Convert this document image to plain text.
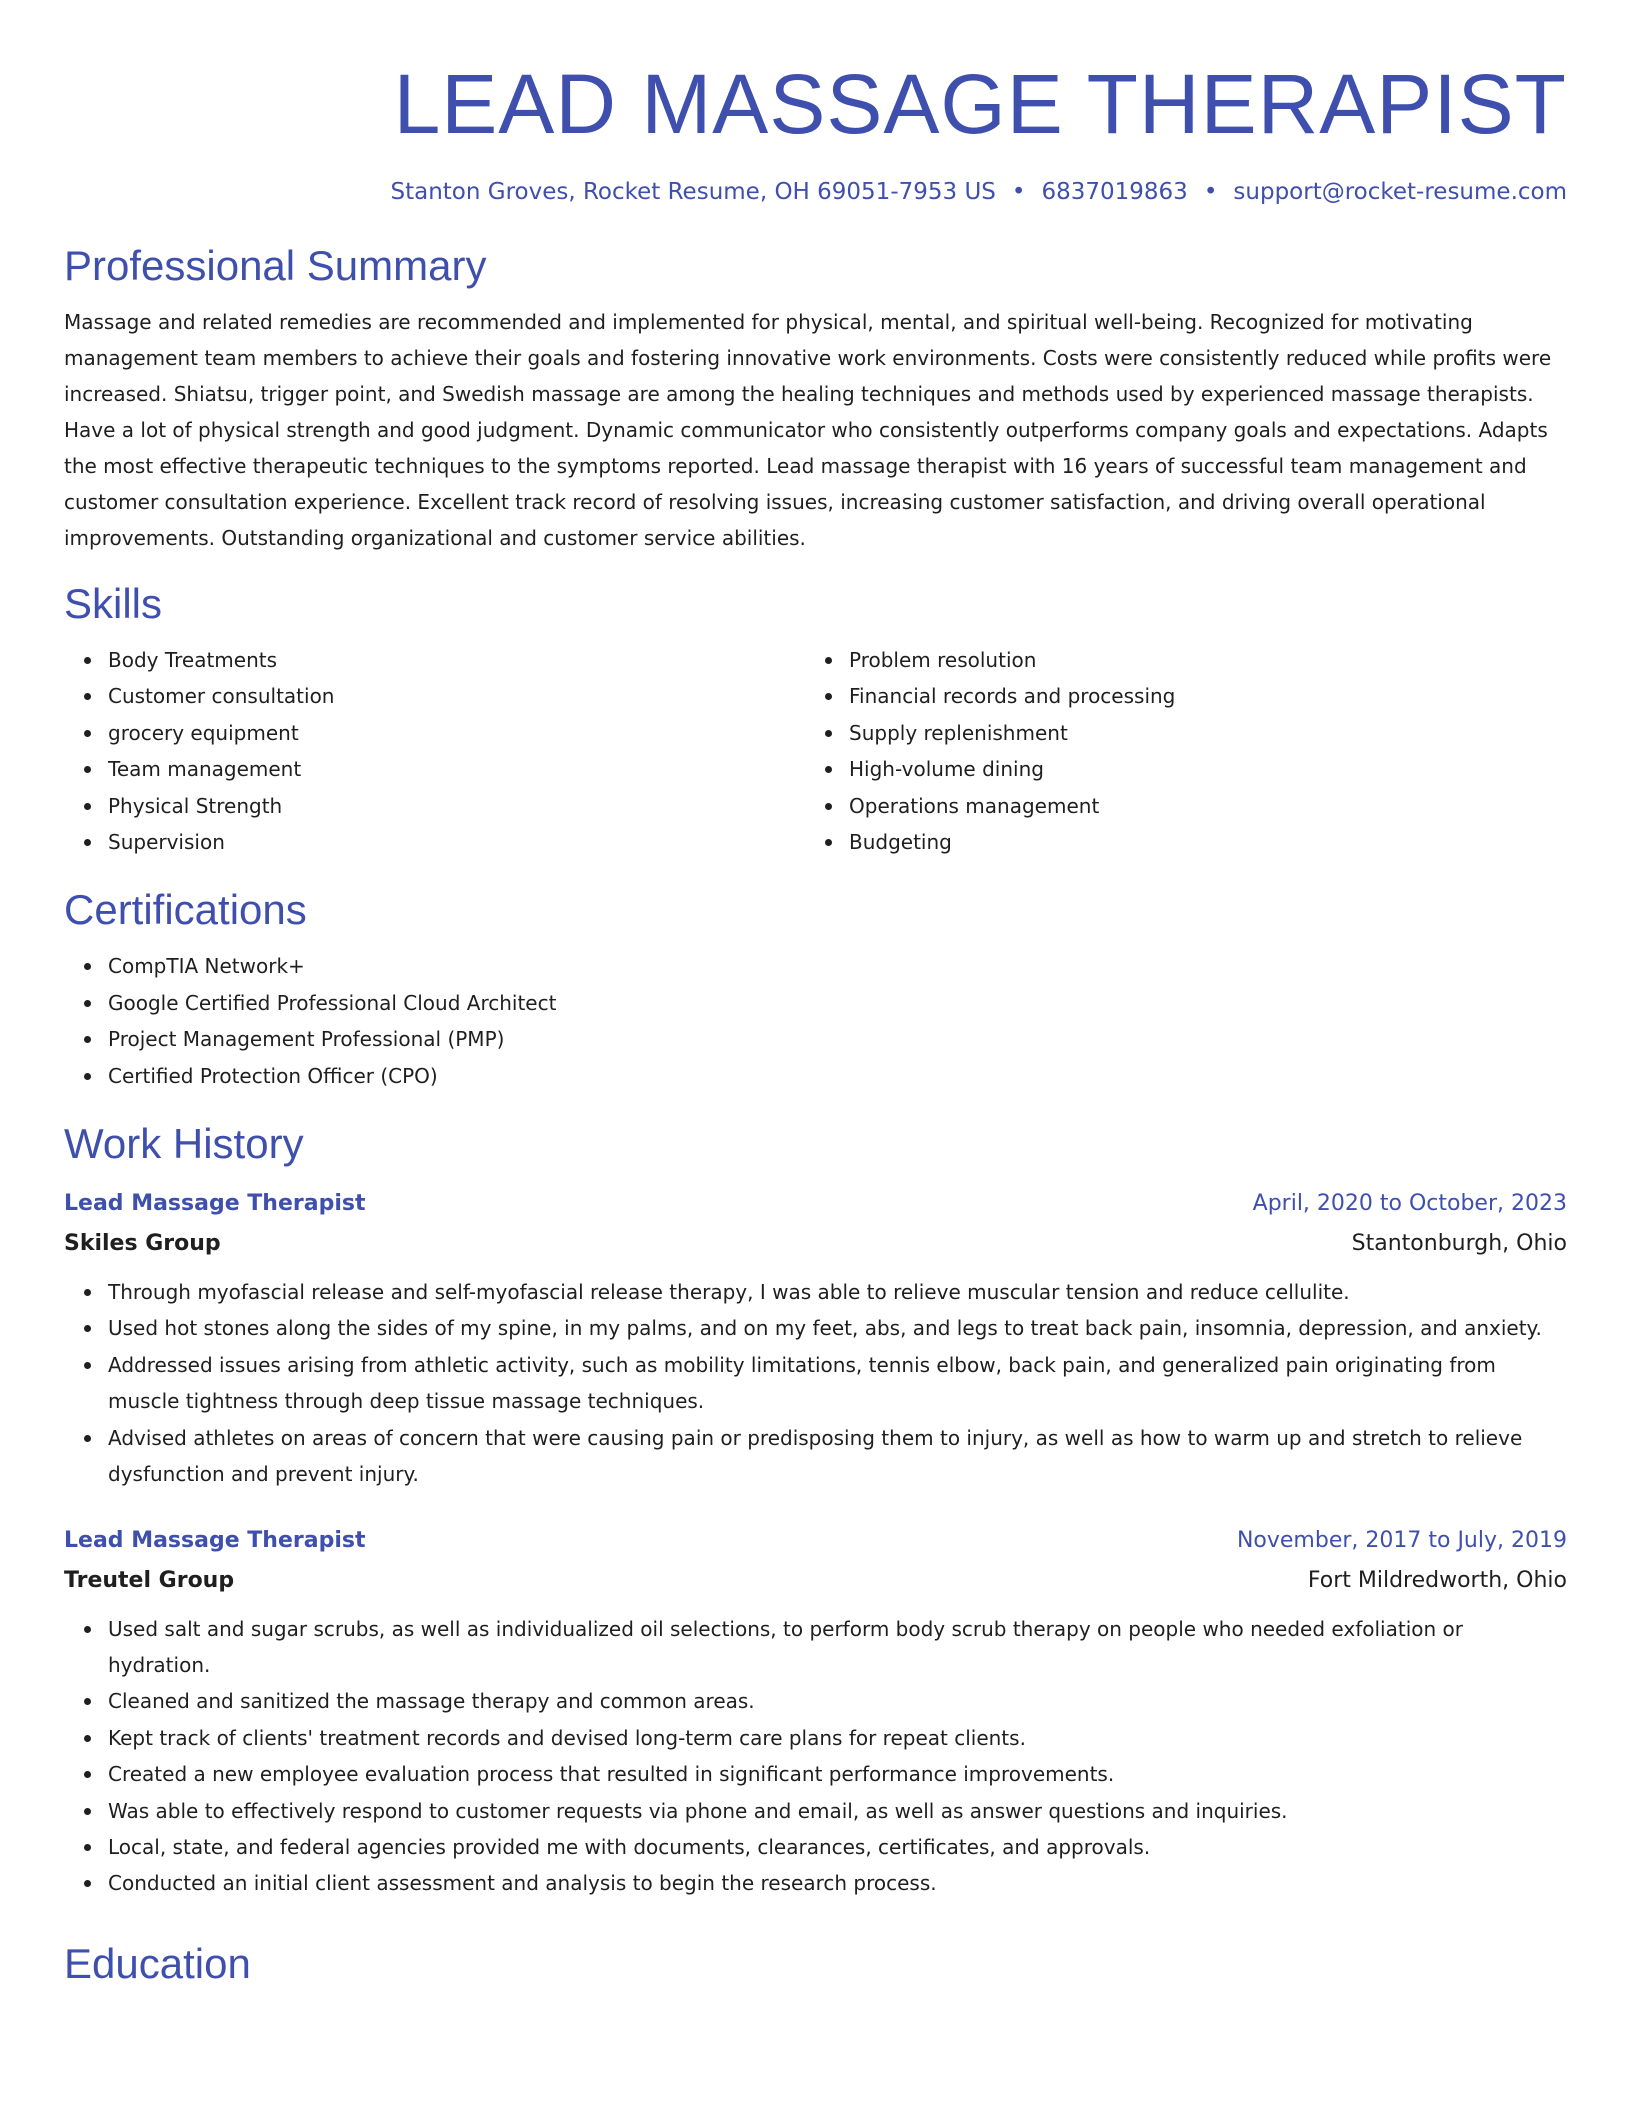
LEAD MASSAGE THERAPIST
Stanton Groves, Rocket Resume, OH 69051-7953 US • 6837019863 • support@rocket-resume.com
Professional Summary

Massage and related remedies are recommended and implemented for physical, mental, and spiritual well-being. Recognized for motivating management team members to achieve their goals and fostering innovative work environments. Costs were consistently reduced while profits were increased. Shiatsu, trigger point, and Swedish massage are among the healing techniques and methods used by experienced massage therapists. Have a lot of physical strength and good judgment. Dynamic communicator who consistently outperforms company goals and expectations. Adapts the most effective therapeutic techniques to the symptoms reported. Lead massage therapist with 16 years of successful team management and customer consultation experience. Excellent track record of resolving issues, increasing customer satisfaction, and driving overall operational improvements. Outstanding organizational and customer service abilities.

Skills
Body Treatments
Customer consultation
grocery equipment
Team management
Physical Strength
Supervision
Problem resolution
Financial records and processing
Supply replenishment
High-volume dining
Operations management
Budgeting
Certifications
CompTIA Network+
Google Certified Professional Cloud Architect
Project Management Professional (PMP)
Certified Protection Officer (CPO)
Work History
Lead Massage Therapist	April, 2020 to October, 2023
Skiles Group	Stantonburgh, Ohio
Through myofascial release and self-myofascial release therapy, I was able to relieve muscular tension and reduce cellulite.
Used hot stones along the sides of my spine, in my palms, and on my feet, abs, and legs to treat back pain, insomnia, depression, and anxiety.
Addressed issues arising from athletic activity, such as mobility limitations, tennis elbow, back pain, and generalized pain originating from muscle tightness through deep tissue massage techniques.
Advised athletes on areas of concern that were causing pain or predisposing them to injury, as well as how to warm up and stretch to relieve dysfunction and prevent injury.
Lead Massage Therapist	November, 2017 to July, 2019
Treutel Group	Fort Mildredworth, Ohio
Used salt and sugar scrubs, as well as individualized oil selections, to perform body scrub therapy on people who needed exfoliation or hydration.
Cleaned and sanitized the massage therapy and common areas.
Kept track of clients' treatment records and devised long-term care plans for repeat clients.
Created a new employee evaluation process that resulted in significant performance improvements.
Was able to effectively respond to customer requests via phone and email, as well as answer questions and inquiries.
Local, state, and federal agencies provided me with documents, clearances, certificates, and approvals.
Conducted an initial client assessment and analysis to begin the research process.
Education
